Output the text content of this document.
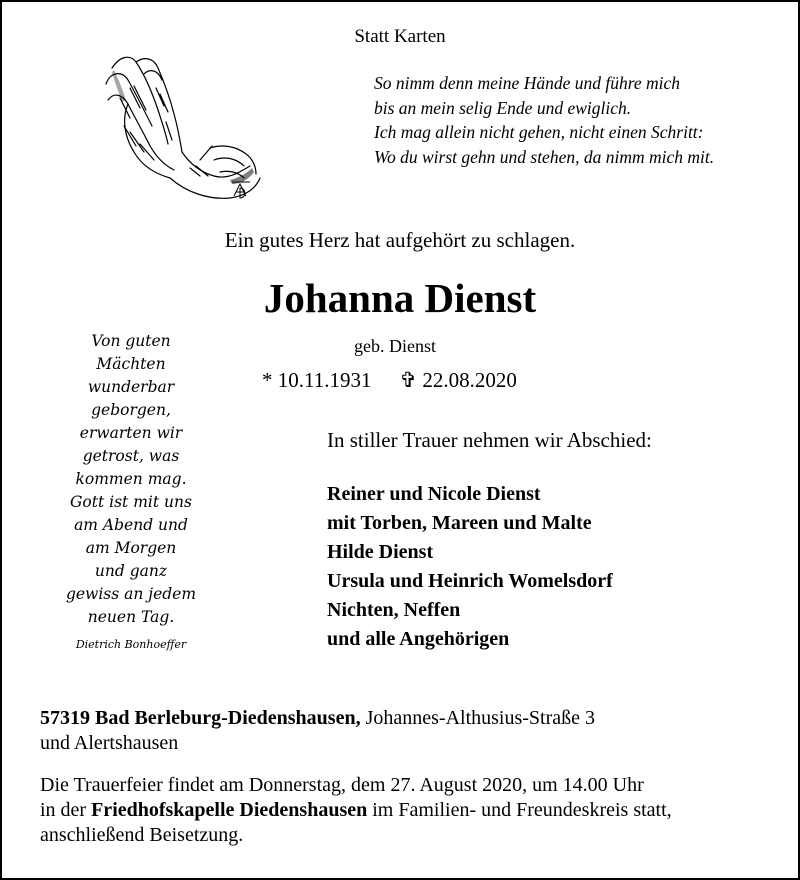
Statt Karten
So nimm denn meine Hände und führe mich
bis an mein selig Ende und ewiglich.
Ich mag allein nicht gehen, nicht einen Schritt:
Wo du wirst gehn und stehen, da nimm mich mit.
Ein gutes Herz hat aufgehört zu schlagen.
Johanna Dienst
geb. Dienst
* 10.11.1931 ✞ 22.08.2020
Von guten
Mächten
wunderbar
geborgen,
erwarten wir
getrost, was
kommen mag.
Gott ist mit uns
am Abend und
am Morgen
und ganz
gewiss an jedem
neuen Tag.
Dietrich Bonhoeffer
In stiller Trauer nehmen wir Abschied:
Reiner und Nicole Dienst
mit Torben, Mareen und Malte
Hilde Dienst
Ursula und Heinrich Womelsdorf
Nichten, Neffen
und alle Angehörigen
57319 Bad Berleburg-Diedenshausen, Johannes-Althusius-Straße 3
und Alertshausen
Die Trauerfeier findet am Donnerstag, dem 27. August 2020, um 14.00 Uhr
in der Friedhofskapelle Diedenshausen im Familien- und Freundeskreis statt,
anschließend Beisetzung.
